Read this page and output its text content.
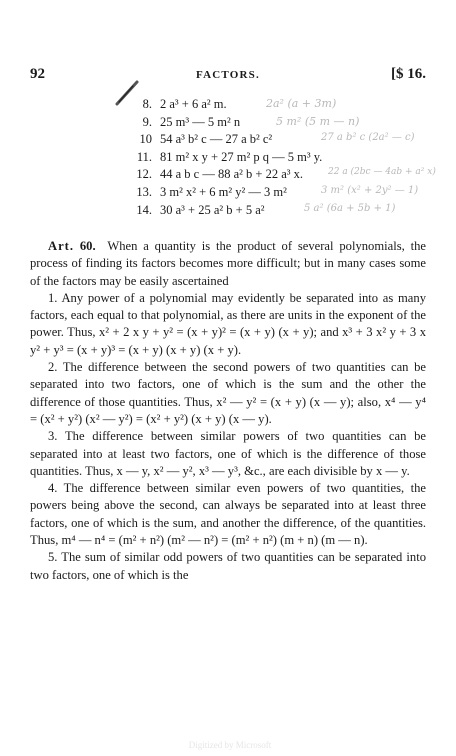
92	FACTORS.	[$ 16.
8. 2 a³ + 6 a² m.	2a² (a + 3m)
9. 25 m³ — 5 m² n	5 m² (5 m — n)
10 54 a³ b² c — 27 a b² c²	27 a b² c (2a² — c)
11. 81 m² x y + 27 m² p q — 5 m³ y.
12. 44 a b c — 88 a² b + 22 a³ x.	22 a (2bc — 4ab + a² x)
13. 3 m² x² + 6 m² y² — 3 m²	3 m² (x² + 2y² — 1)
14. 30 a³ + 25 a² b + 5 a²	5 a² (6a + 5b + 1)

Art. 60. When a quantity is the product of several polynomials, the process of finding its factors becomes more difficult; but in many cases some of the factors may be easily ascertained

1. Any power of a polynomial may evidently be separated into as many factors, each equal to that polynomial, as there are units in the exponent of the power. Thus, x² + 2 x y + y² = (x + y)² = (x + y) (x + y); and x³ + 3 x² y + 3 x y² + y³ = (x + y)³ = (x + y) (x + y) (x + y).

2. The difference between the second powers of two quantities can be separated into two factors, one of which is the sum and the other the difference of those quantities. Thus, x² — y² = (x + y) (x — y); also, x⁴ — y⁴ = (x² + y²) (x² — y²) = (x² + y²) (x + y) (x — y).

3. The difference between similar powers of two quantities can be separated into at least two factors, one of which is the difference of those quantities. Thus, x — y, x² — y², x³ — y³, &c., are each divisible by x — y.

4. The difference between similar even powers of two quantities, the powers being above the second, can always be separated into at least three factors, one of which is the sum, and another the difference, of the quantities. Thus, m⁴ — n⁴ = (m² + n²) (m² — n²) = (m² + n²) (m + n) (m — n).

5. The sum of similar odd powers of two quantities can be separated into two factors, one of which is the

Digitized by Microsoft
